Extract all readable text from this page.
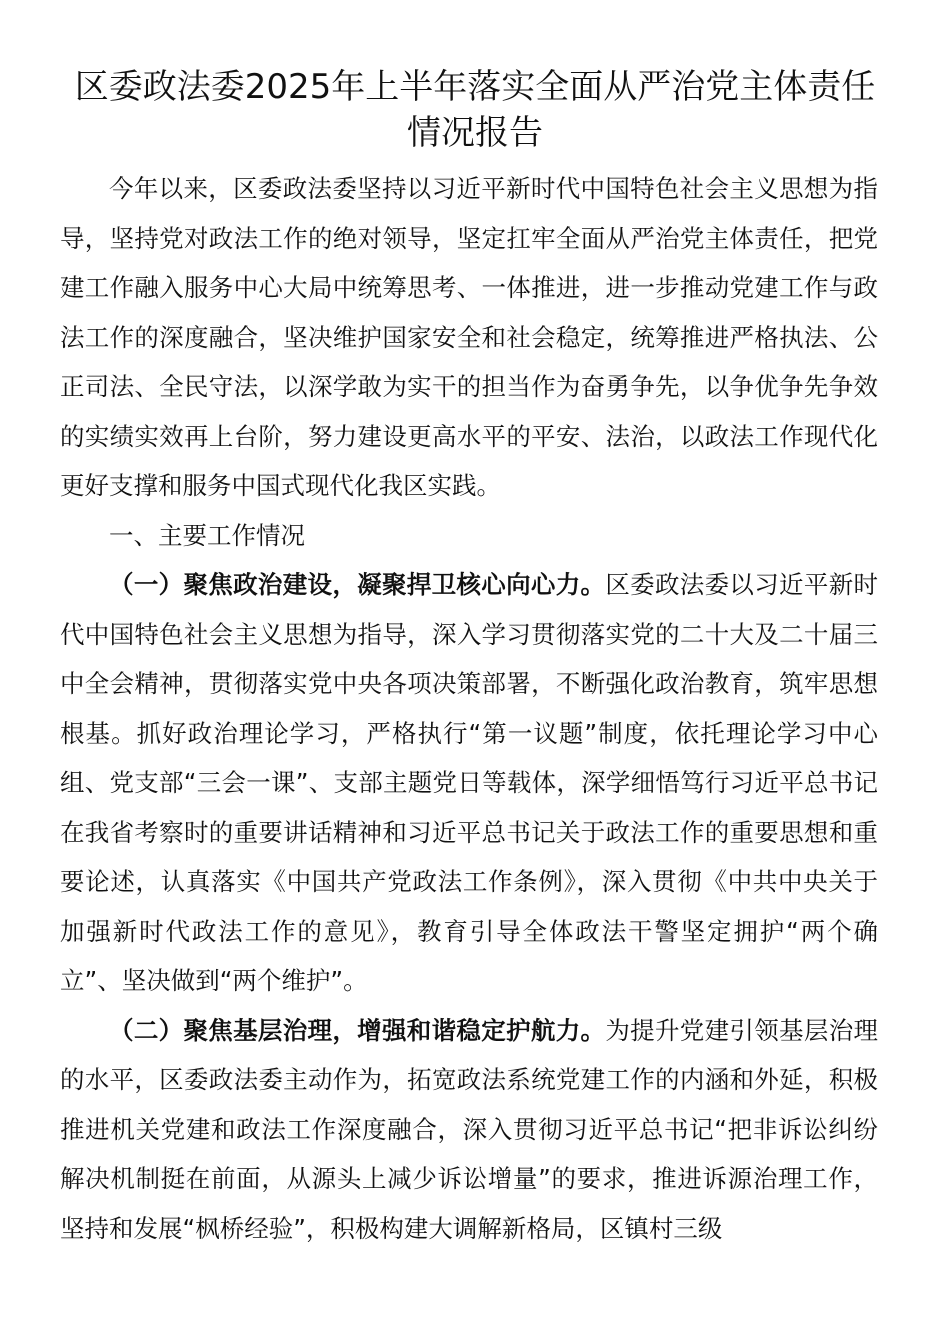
区委政法委2025年上半年落实全面从严治党主体责任情况报告

今年以来，区委政法委坚持以习近平新时代中国特色社会主义思想为指导，坚持党对政法工作的绝对领导，坚定扛牢全面从严治党主体责任，把党建工作融入服务中心大局中统筹思考、一体推进，进一步推动党建工作与政法工作的深度融合，坚决维护国家安全和社会稳定，统筹推进严格执法、公正司法、全民守法，以深学敢为实干的担当作为奋勇争先，以争优争先争效的实绩实效再上台阶，努力建设更高水平的平安、法治，以政法工作现代化更好支撑和服务中国式现代化我区实践。

一、主要工作情况

（一）聚焦政治建设，凝聚捍卫核心向心力。区委政法委以习近平新时代中国特色社会主义思想为指导，深入学习贯彻落实党的二十大及二十届三中全会精神，贯彻落实党中央各项决策部署，不断强化政治教育，筑牢思想根基。抓好政治理论学习，严格执行“第一议题”制度，依托理论学习中心组、党支部“三会一课”、支部主题党日等载体，深学细悟笃行习近平总书记在我省考察时的重要讲话精神和习近平总书记关于政法工作的重要思想和重要论述，认真落实《中国共产党政法工作条例》，深入贯彻《中共中央关于加强新时代政法工作的意见》，教育引导全体政法干警坚定拥护“两个确立”、坚决做到“两个维护”。

（二）聚焦基层治理，增强和谐稳定护航力。为提升党建引领基层治理的水平，区委政法委主动作为，拓宽政法系统党建工作的内涵和外延，积极推进机关党建和政法工作深度融合，深入贯彻习近平总书记“把非诉讼纠纷解决机制挺在前面，从源头上减少诉讼增量”的要求，推进诉源治理工作，坚持和发展“枫桥经验”，积极构建大调解新格局，区镇村三级
